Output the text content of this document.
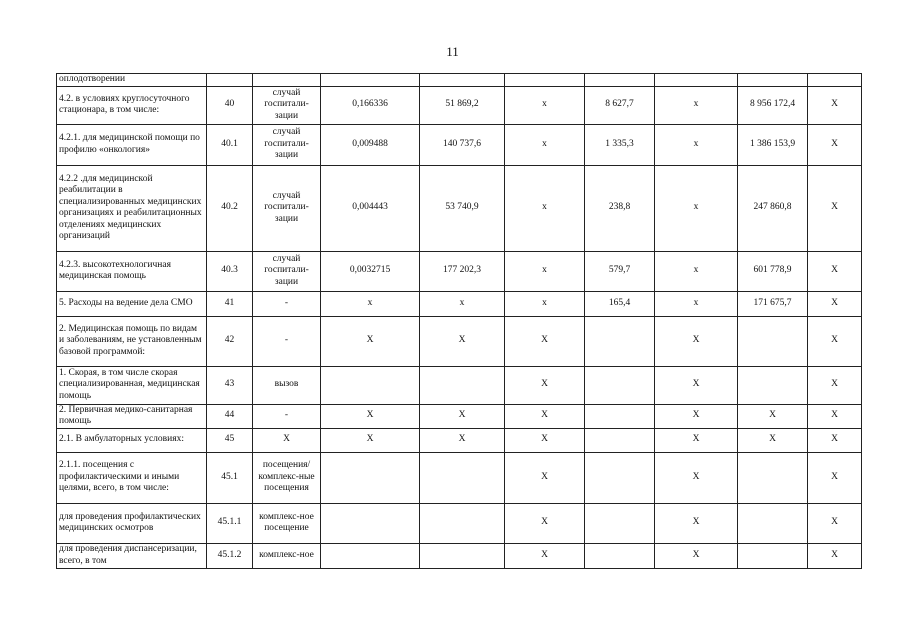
11
оплодотворении									
4.2. в условиях круглосуточного стационара, в том числе:	40	случай госпитали-зации	0,166336	51 869,2	х	8 627,7	х	8 956 172,4	Х
4.2.1. для медицинской помощи по профилю «онкология»	40.1	случай госпитали-зации	0,009488	140 737,6	х	1 335,3	х	1 386 153,9	Х
4.2.2 .для медицинской реабилитации в специализированных медицинских организациях и реабилитационных отделениях медицинских организаций	40.2	случай госпитали-зации	0,004443	53 740,9	х	238,8	х	247 860,8	Х
4.2.3. высокотехнологичная медицинская помощь	40.3	случай госпитали-зации	0,0032715	177 202,3	х	579,7	х	601 778,9	Х
5. Расходы на ведение дела СМО	41	-	х	х	х	165,4	х	171 675,7	Х
2. Медицинская помощь по видам и заболеваниям, не установленным базовой программой:	42	-	Х	Х	Х		Х		Х
1. Скорая, в том числе скорая специализированная, медицинская помощь	43	вызов			Х		Х		Х
2. Первичная медико-санитарная помощь	44	-	Х	Х	Х		Х	Х	Х
2.1. В амбулаторных условиях:	45	Х	Х	Х	Х		Х	Х	Х
2.1.1. посещения с профилактическими и иными целями, всего, в том числе:	45.1	посещения/ комплекс-ные посещения			Х		Х		Х
для проведения профилактических медицинских осмотров	45.1.1	комплекс-ное посещение			Х		Х		Х
для проведения диспансеризации, всего, в том	45.1.2	комплекс-ное			Х		Х		Х
